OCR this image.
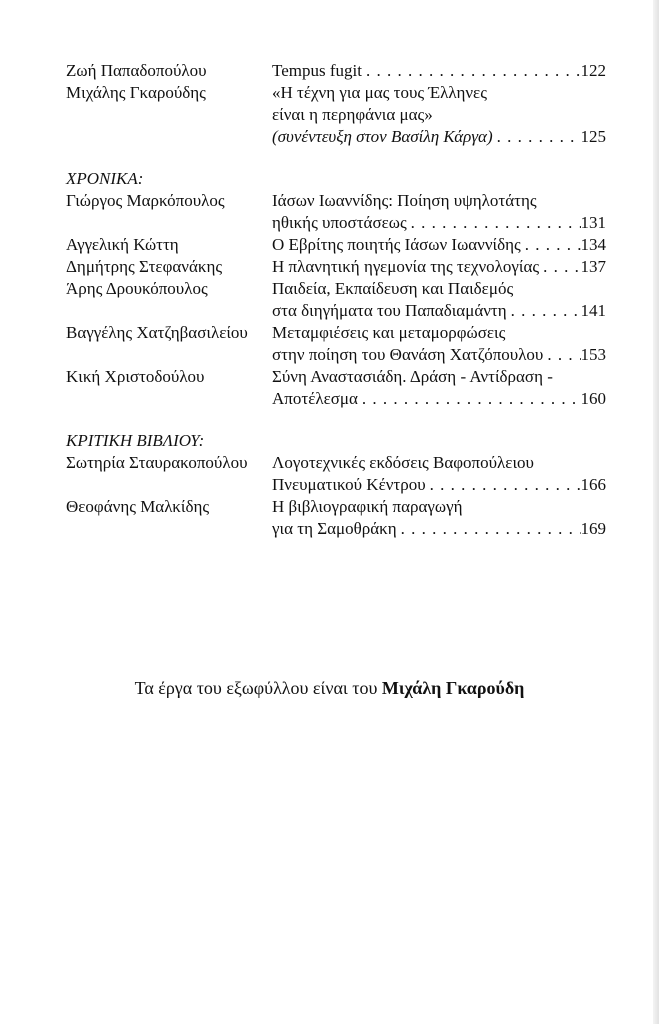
Ζωή Παπαδοπούλου	Tempus fugit . . .	122
Μιχάλης Γκαρούδης	«Η τέχνη για μας τους Έλληνες
είναι η περηφάνια μας»
(συνέντευξη στον Βασίλη Κάργα) . . .	125
ΧΡΟΝΙΚΑ:
Γιώργος Μαρκόπουλος	Ιάσων Ιωαννίδης: Ποίηση υψηλοτάτης
ηθικής υποστάσεως . . .	131
Αγγελική Κώττη	Ο Εβρίτης ποιητής Ιάσων Ιωαννίδης . . .	134
Δημήτρης Στεφανάκης	Η πλανητική ηγεμονία της τεχνολογίας . . . 137
Άρης Δρουκόπουλος	Παιδεία, Εκπαίδευση και Παιδεμός
στα διηγήματα του Παπαδιαμάντη . . .	141
Βαγγέλης Χατζηβασιλείου	Μεταμφιέσεις και μεταμορφώσεις
στην ποίηση του Θανάση Χατζόπουλου . . . 153
Κική Χριστοδούλου	Σύνη Αναστασιάδη. Δράση - Αντίδραση -
Αποτέλεσμα . . .	160
ΚΡΙΤΙΚΗ ΒΙΒΛΙΟΥ:
Σωτηρία Σταυρακοπούλου	Λογοτεχνικές εκδόσεις Βαφοπούλειου
Πνευματικού Κέντρου . . .	166
Θεοφάνης Μαλκίδης	Η βιβλιογραφική παραγωγή
για τη Σαμοθράκη . . .	169
Τα έργα του εξωφύλλου είναι του Μιχάλη Γκαρούδη
